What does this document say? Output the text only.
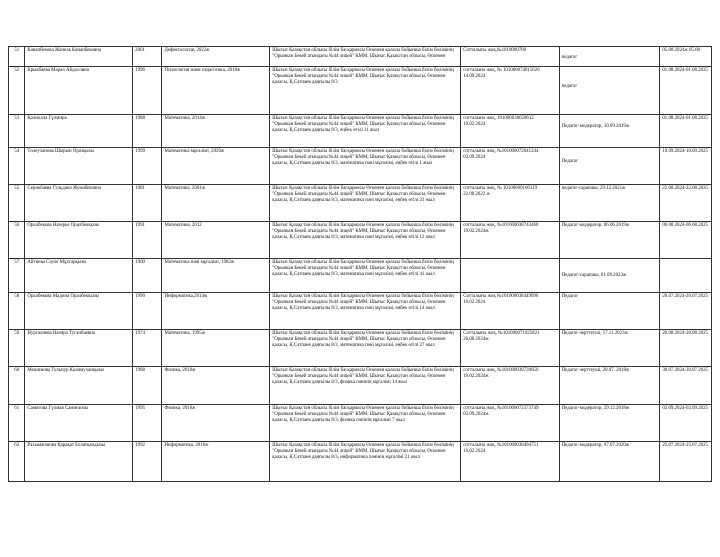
51	Канапбекова Жанель Канапбековна	2001	Дефектология, 2022ж	Шығыс Қазақстан облысы білім басқармасы Өскемен қаласы бойынша білім бөлімінің "Орынкан Бекей атындағы №44 лицей" КММ, Шығыс Қазақстан облысы, Өскемен	Сотталығы жоқ,№1010000700	педагог	05.08.2024ж 05.08
52	Крыкбаева Марал Айдосовна	1996	Психология және педагогика, 2018ж	Шығыс Қазақстан облысы білім басқармасы Өскемен қаласы бойынша білім бөлімінің "Орынкан Бекей атындағы №44 лицей" КММ, Шығыс Қазақстан облысы, Өскемен қаласы, Қ.Сәтпаев даңғылы 8/3	сотталығы жоқ, № 101000074815626 14.09.2024	педагог	01.08.2024-01.08.2025
53	Қалиолла Гүлмира	1988	Математика, 2014ж	Шығыс Қазақстан облысы білім басқармасы Өскемен қаласы бойынша білім бөлімінің "Орынкан Бекей атындағы №44 лицей" КММ, Шығыс Қазақстан облысы, Өскемен қаласы, Қ.Сәтпаев даңғылы 8/3, еңбек өтілі 11 жыл	сотталығы жоқ, 101000038658612 19.02.2024	Педагог-модератор, 10.09.2019ж	01.08.2024-01.08.2025
54	Төлеуханова Шырын Оразқызы	1999	Математика мұғалімі, 2020ж	Шығыс Қазақстан облысы білім басқармасы Өскемен қаласы бойынша білім бөлімінің "Орынкан Бекей атындағы №44 лицей" КММ, Шығыс Қазақстан облысы, Өскемен қаласы, Қ.Сәтпаев даңғылы 8/3, математика пәні мұғалімі, еңбек өтілі 1 жыл	сотталығы жоқ, №101000072641244 03.09.2024	Педагог	10.09.2024-10.09.2025
55	Серикбаева Гульдана Жумабековна	1981	Математика, 2001ж	Шығыс Қазақстан облысы білім басқармасы Өскемен қаласы бойынша білім бөлімінің "Орынкан Бекей атындағы №44 лицей" КММ, Шығыс Қазақстан облысы, Өскемен қаласы, Қ.Сәтпаев даңғылы 8/3, математика пәні мұғалімі, еңбек өтілі 23 жыл	сотталығы жоқ, № 10100060166119 22.08.2022 ж	педагог-сарапшы, 29.12.2021ж	22.08.2024-22.08.2025
56	Оралбекова Назерке Оралбекқызы	1991	Математика, 2012	Шығыс Қазақстан облысы білім басқармасы Өскемен қаласы бойынша білім бөлімінің "Орынкан Бекей атындағы №44 лицей" КММ, Шығыс Қазақстан облысы, Өскемен қаласы, Қ.Сәтпаев даңғылы 8/3, математика пәні мұғалімі, еңбек өтілі 12 жыл	сотталығы жоқ, №101000038743460 19.02.2024ж	Педагог-модератор, 06.06.2019ж	06.08.2024-06.08.2025
57	Айтиева Сәуле Мұхтарқызы	1960	Математика пәні мұғалімі, 1982ж	Шығыс Қазақстан облысы білім басқармасы Өскемен қаласы бойынша білім бөлімінің "Орынкан Бекей атындағы №44 лицей" КММ, Шығыс Қазақстан облысы, Өскемен қаласы, Қ.Сәтпаев даңғылы 8/3, математика пәні мұғалімі, еңбек өтілі 41 жыл		Педагог-сарапшы, 01.09.2023ж	

58	Оралбекова Мадина Оралбекқызы	1990	Информатика,2014ж	Шығыс Қазақстан облысы білім басқармасы Өскемен қаласы бойынша білім бөлімінің "Орынкан Бекей атындағы №44 лицей" КММ, Шығыс Қазақстан облысы, Өскемен қаласы, Қ.Сәтпаев даңғылы 8/3, математика пәні мұғалімі, еңбек өтілі 14 жыл	Сотталығы жоқ №101000038449096 16.02.2024	Педагог	26.07.2024-26.07.2025
59	Нургалиева Назира Туганбаевна	1974	Математика, 1995ж	Шығыс Қазақстан облысы білім басқармасы Өскемен қаласы бойынша білім бөлімінің "Орынкан Бекей атындағы №44 лицей" КММ, Шығыс Қазақстан облысы, Өскемен қаласы, Қ.Сәтпаев даңғылы 8/3, математика пәні мұғалімі, еңбек өтілі 27 жыл	Сотталығы жоқ, №101000071025821 26.08.2024ж	Педагог-зерттеуші, 17.11.2023ж	20.08.2024-20.08.2025
60	Мешимова Гульнур Калимуханқызы	1988	Физика, 2010ж	Шығыс Қазақстан облысы білім басқармасы Өскемен қаласы бойынша білім бөлімінің "Орынкан Бекей атындағы №44 лицей" КММ, Шығыс Қазақстан облысы, Өскемен қаласы, Қ.Сәтпаев даңғылы 8/3, физика пәнінің мұғалімі 14 жыл	сотталығы жоқ, №101000038730050 19.02.2024ж	Педагог-зерттеуші, 20.07. 2018ж	30.07.2024-30.07.2025
61	Самигова Гүлмая Самиғаизы	1995	Физика, 2016ж	Шығыс Қазақстан облысы білім басқармасы Өскемен қаласы бойынша білім бөлімінің "Орынкан Бекей атындағы №44 лицей" КММ, Шығыс Қазақстан облысы, Өскемен қаласы, Қ.Сәтпаев даңғылы 8/3, физика пәнінің мұғалімі 7 жыл	сотталығы жоқ, №101000072373749 03.09.2024ж	Педагог-модератор, 29.12.2018ж	02.09.2024-02.09.2025
62	Рахымжанова Қарақат Болатқандызы	1992	Информатика, 2016ж	Шығыс Қазақстан облысы білім басқармасы Өскемен қаласы бойынша білім бөлімінің "Орынкан Бекей атындағы №44 лицей" КММ, Шығыс Қазақстан облысы, Өскемен қаласы, Қ.Сәтпаев даңғылы 8/3, информатика пәнінің мұғалімі 21 жыл	сотталығы жоқ, №101000038494751 16.02.2024	Педагог-модератор, 07.07.2020ж	25.07.2024-25.07.2025
